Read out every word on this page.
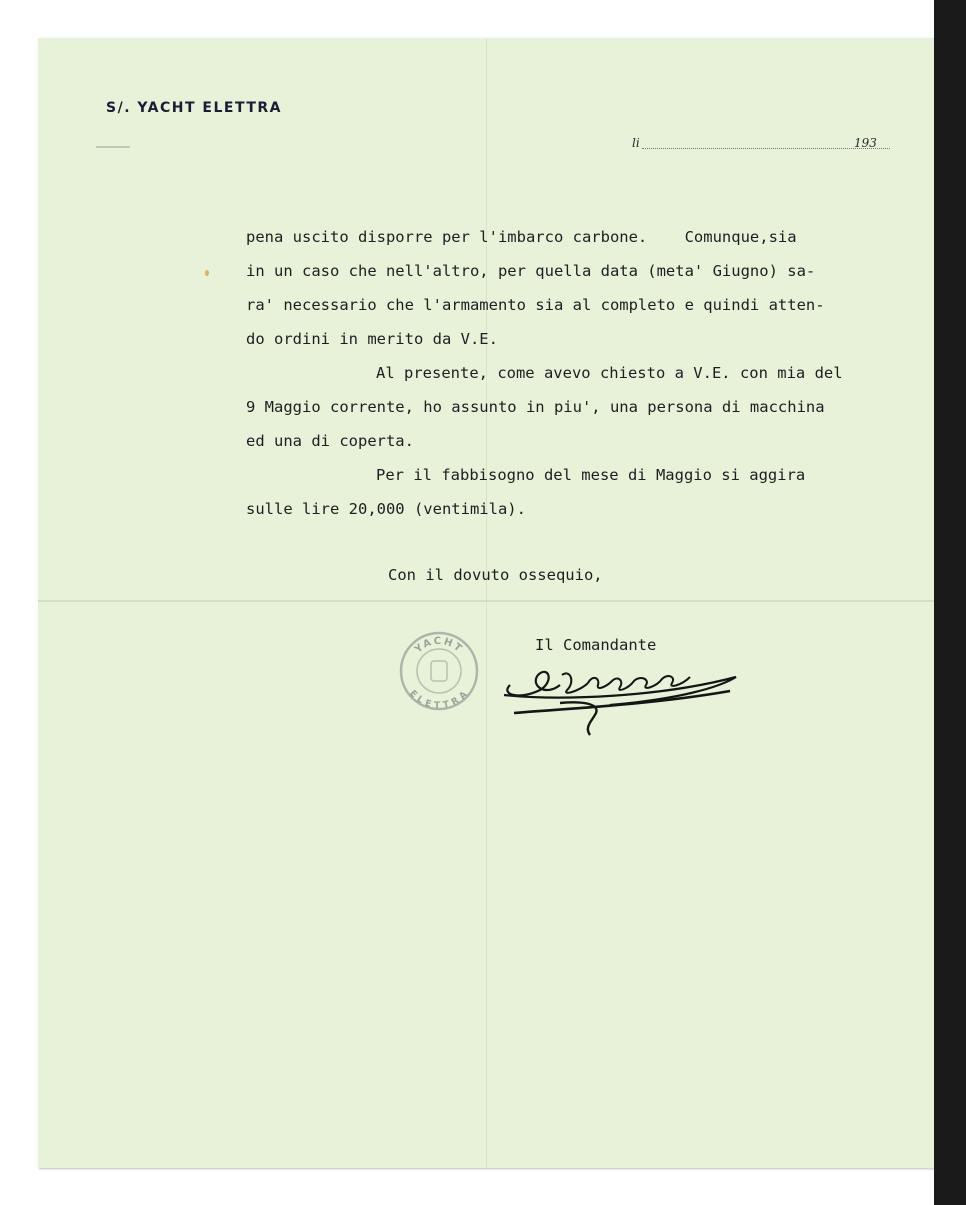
S/. YACHT ELETTRA
li	193

pena uscito disporre per l'imbarco carbone.    Comunque,sia

in un caso che nell'altro, per quella data (meta' Giugno) sa-

ra' necessario che l'armamento sia al completo e quindi atten-

do ordini in merito da V.E.

Al presente, come avevo chiesto a V.E. con mia del

9 Maggio corrente, ho assunto in piu', una persona di macchina

ed una di coperta.

Per il fabbisogno del mese di Maggio si aggira

sulle lire 20,000 (ventimila).

Con il dovuto ossequio,
YACHT
ELETTRA
Il Comandante
